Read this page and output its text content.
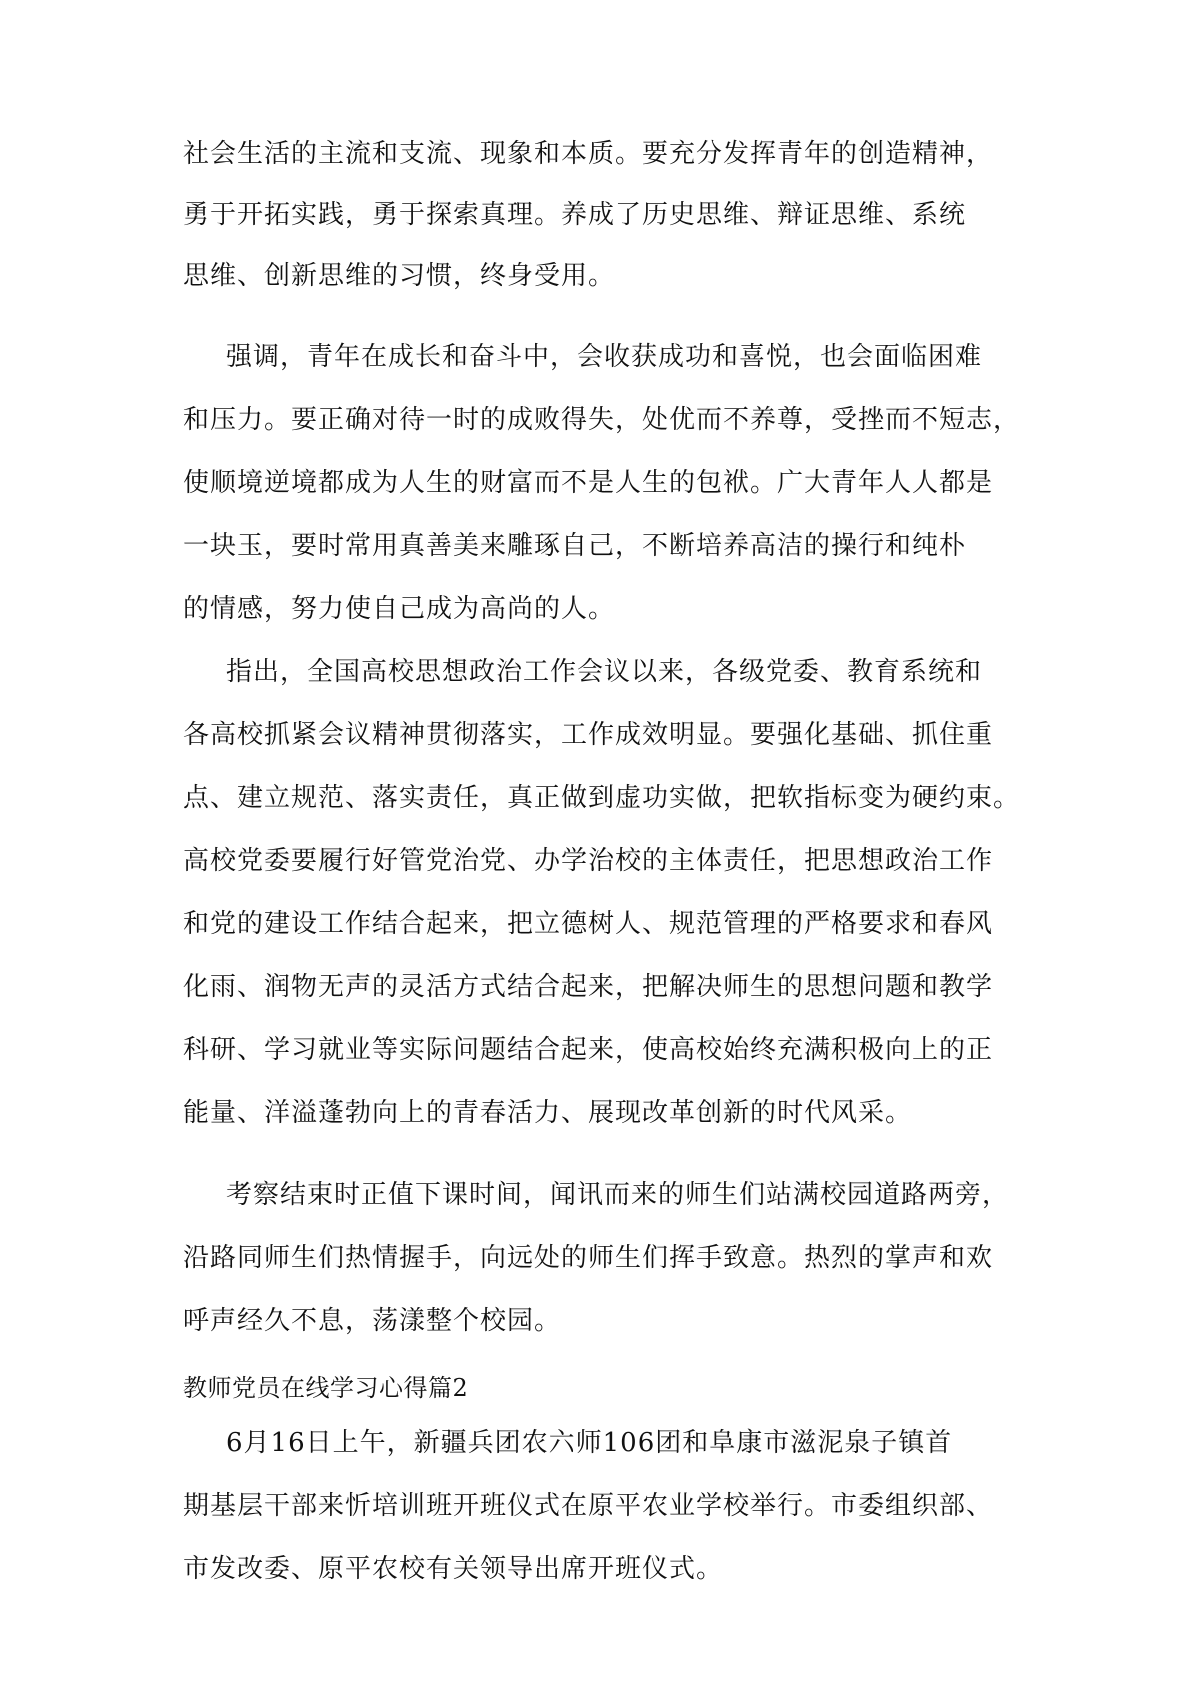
社会生活的主流和支流、现象和本质。要充分发挥青年的创造精神，
勇于开拓实践，勇于探索真理。养成了历史思维、辩证思维、系统
思维、创新思维的习惯，终身受用。
强调，青年在成长和奋斗中，会收获成功和喜悦，也会面临困难
和压力。要正确对待一时的成败得失，处优而不养尊，受挫而不短志，
使顺境逆境都成为人生的财富而不是人生的包袱。广大青年人人都是
一块玉，要时常用真善美来雕琢自己，不断培养高洁的操行和纯朴
的情感，努力使自己成为高尚的人。
指出，全国高校思想政治工作会议以来，各级党委、教育系统和
各高校抓紧会议精神贯彻落实，工作成效明显。要强化基础、抓住重
点、建立规范、落实责任，真正做到虚功实做，把软指标变为硬约束。
高校党委要履行好管党治党、办学治校的主体责任，把思想政治工作
和党的建设工作结合起来，把立德树人、规范管理的严格要求和春风
化雨、润物无声的灵活方式结合起来，把解决师生的思想问题和教学
科研、学习就业等实际问题结合起来，使高校始终充满积极向上的正
能量、洋溢蓬勃向上的青春活力、展现改革创新的时代风采。
考察结束时正值下课时间，闻讯而来的师生们站满校园道路两旁，
沿路同师生们热情握手，向远处的师生们挥手致意。热烈的掌声和欢
呼声经久不息，荡漾整个校园。
教师党员在线学习心得篇2
6月16日上午，新疆兵团农六师106团和阜康市滋泥泉子镇首
期基层干部来忻培训班开班仪式在原平农业学校举行。市委组织部、
市发改委、原平农校有关领导出席开班仪式。
